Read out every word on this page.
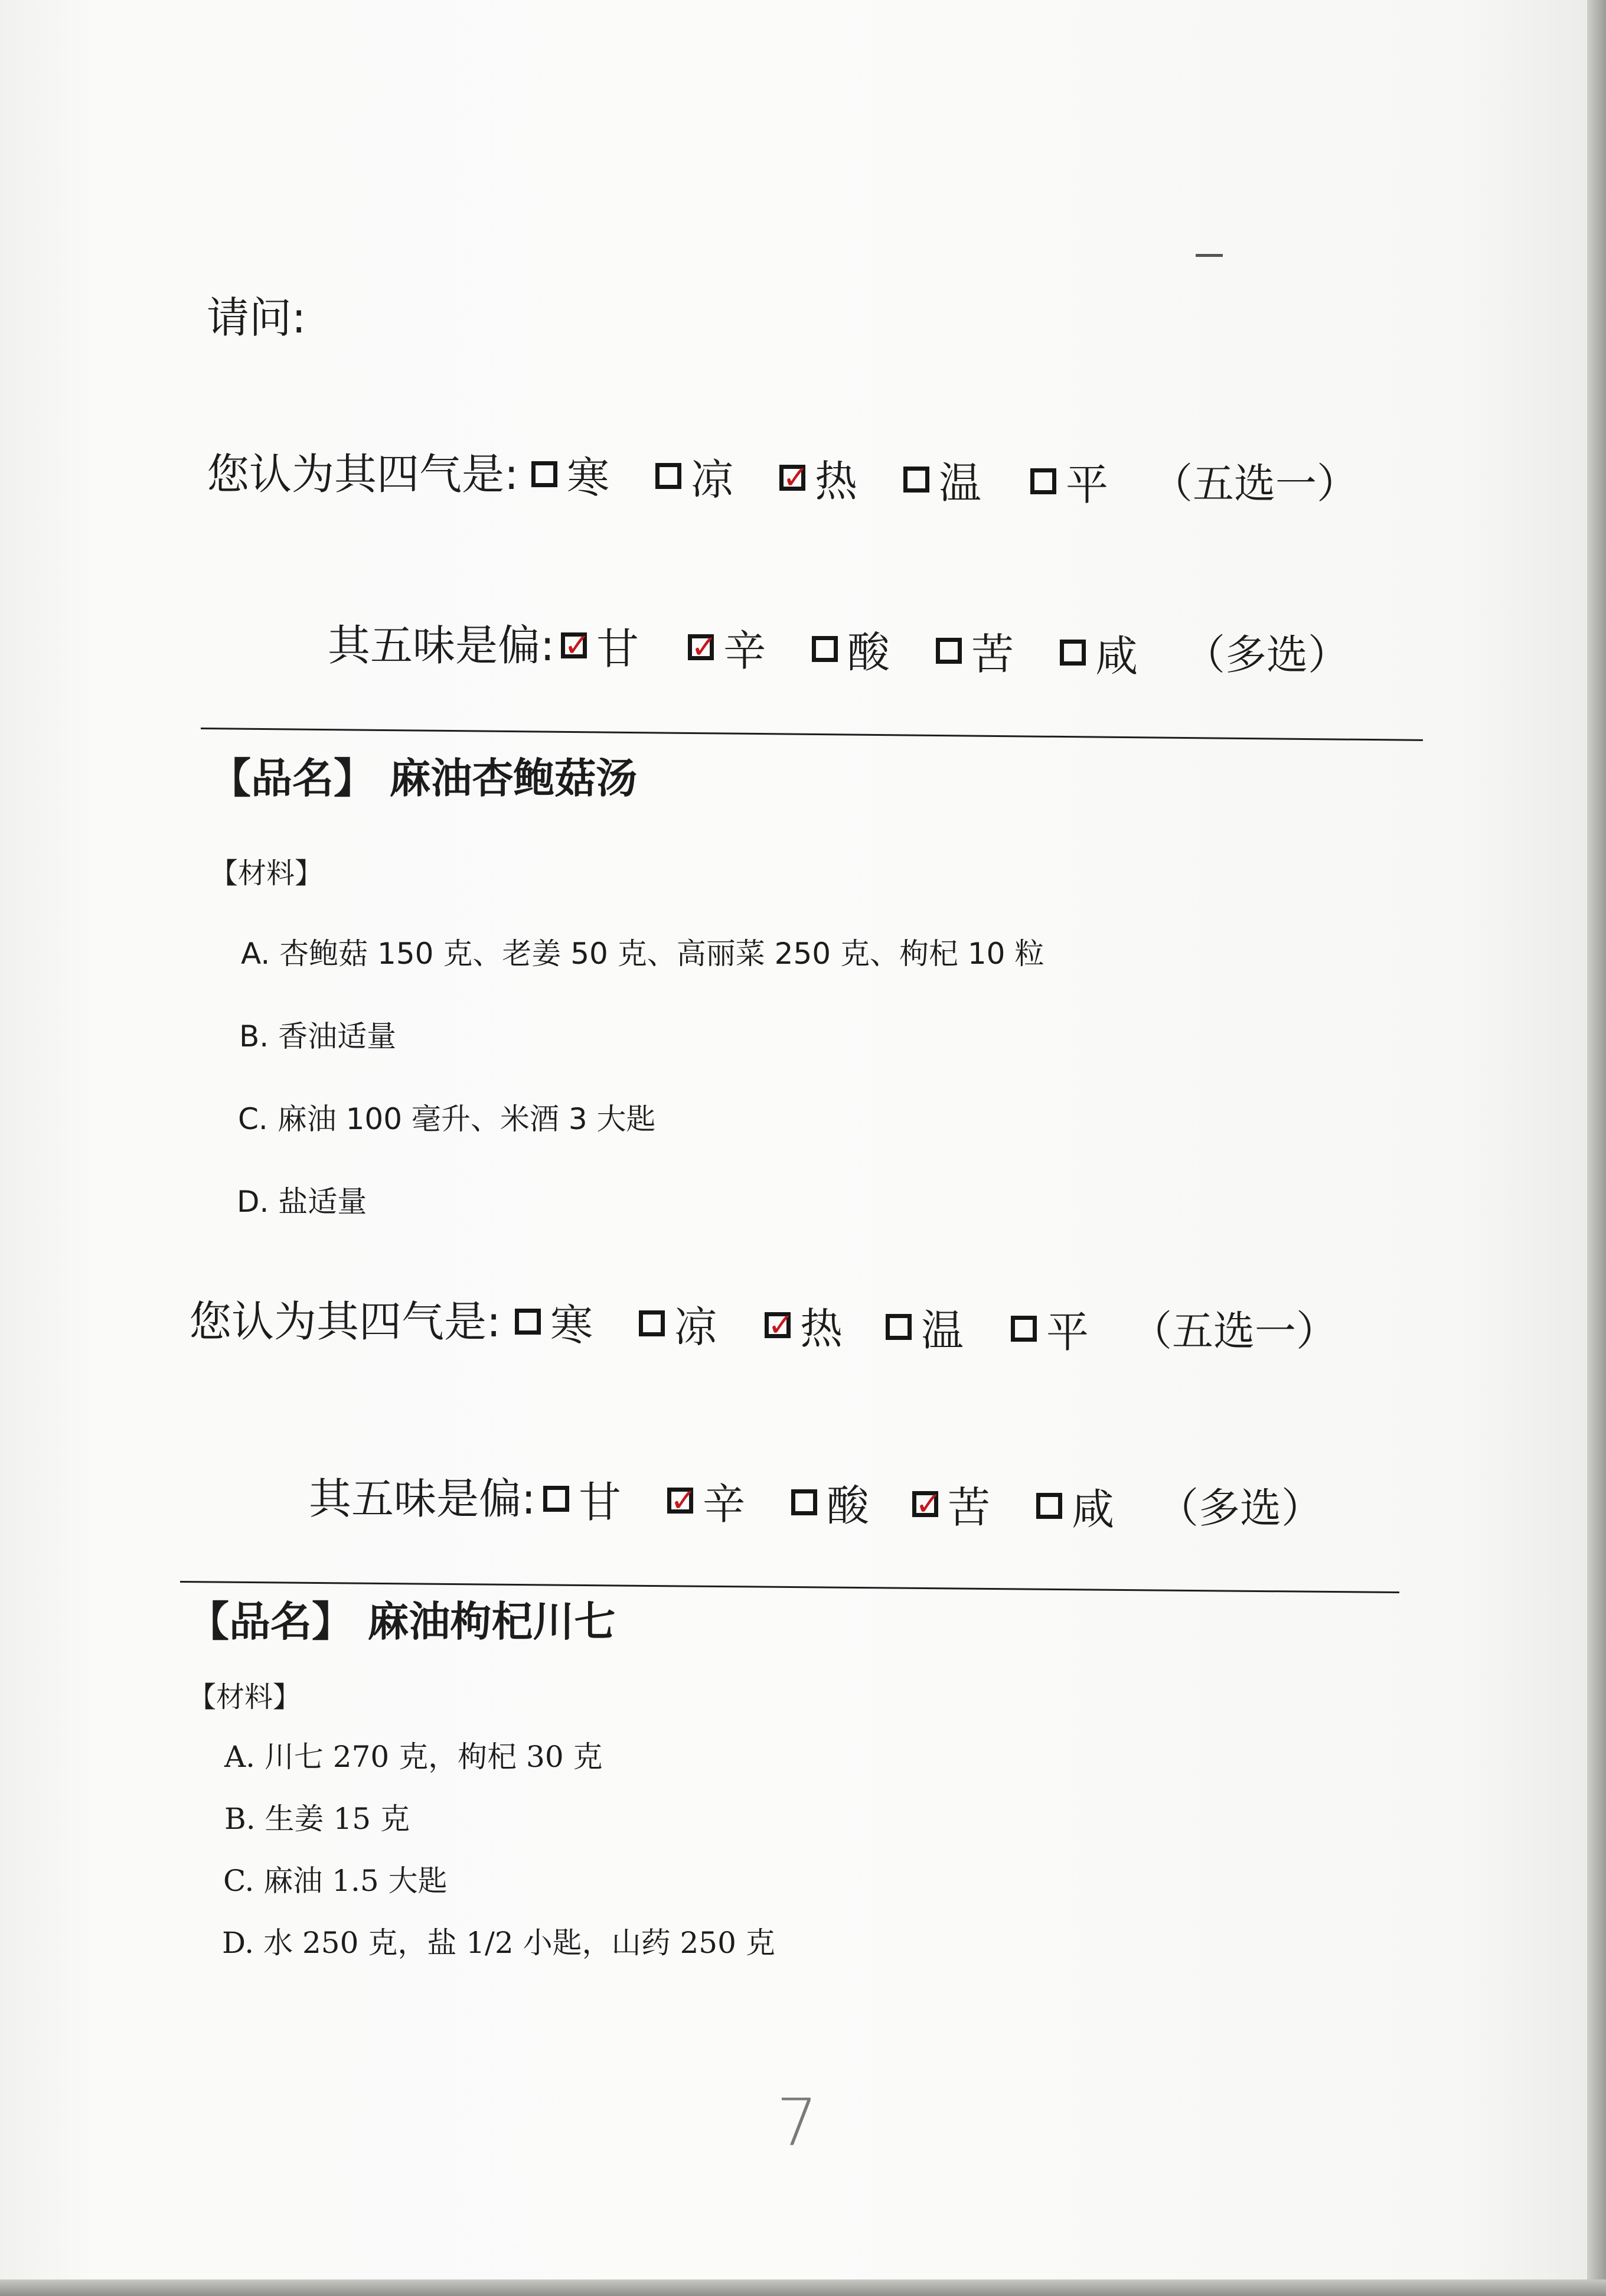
请问:
您认为其四气是: 寒 凉 ✓ 热 温 平 （五选一）
其五味是偏: ✓ 甘 ✓ 辛 酸 苦 咸 （多选）
【品名】 麻油杏鲍菇汤
【材料】
A. 杏鲍菇 150 克、老姜 50 克、高丽菜 250 克、枸杞 10 粒
B. 香油适量
C. 麻油 100 毫升、米酒 3 大匙
D. 盐适量
您认为其四气是: 寒 凉 ✓ 热 温 平 （五选一）
其五味是偏: 甘 ✓ 辛 酸 ✓ 苦 咸 （多选）
【品名】 麻油枸杞川七
【材料】
A. 川七 270 克，枸杞 30 克
B. 生姜 15 克
C. 麻油 1.5 大匙
D. 水 250 克，盐 1/2 小匙，山药 250 克
7
